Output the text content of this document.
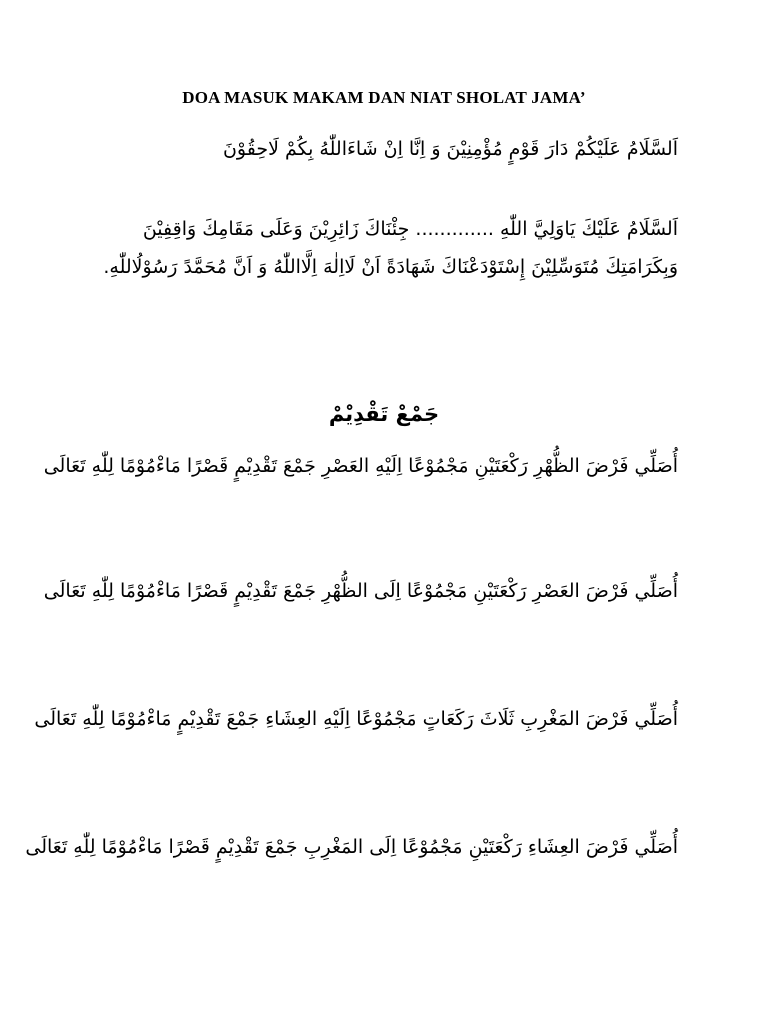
DOA MASUK MAKAM DAN NIAT SHOLAT JAMA’
اَلسَّلَامُ عَلَيْكُمْ دَارَ قَوْمٍ مُؤْمِنِيْنَ وَ اِنَّا اِنْ شَاءَاللّٰهُ بِكُمْ لَاحِقُوْنَ
اَلسَّلَامُ عَلَيْكَ يَاوَلِيَّ اللّٰهِ ............. جِئْنَاكَ زَائِرِيْنَ وَعَلَى مَقَامِكَ وَاقِفِيْنَ وَبِكَرَامَتِكَ مُتَوَسِّلِيْنَ إِسْتَوْدَعْنَاكَ شَهَادَةً اَنْ لَااِلٰهَ اِلَّااللّٰهُ وَ اَنَّ مُحَمَّدً رَسُوْلُاللّٰهِ.
جَمْعْ تَقْدِيْمْ
أُصَلِّي فَرْضَ الظُّهْرِ رَكْعَتَيْنِ مَجْمُوْعًا اِلَيْهِ العَصْرِ جَمْعَ تَقْدِيْمٍ قَصْرًا مَاءْمُوْمًا لِلّٰهِ تَعَالَى
أُصَلِّي فَرْضَ العَصْرِ رَكْعَتَيْنِ مَجْمُوْعًا اِلَى الظُّهْرِ جَمْعَ تَقْدِيْمٍ قَصْرًا مَاءْمُوْمًا لِلّٰهِ تَعَالَى
أُصَلِّي فَرْضَ المَغْرِبِ ثَلَاثَ رَكَعَاتٍ مَجْمُوْعًا اِلَيْهِ العِشَاءِ جَمْعَ تَقْدِيْمٍ مَاءْمُوْمًا لِلّٰهِ تَعَالَى
أُصَلِّي فَرْضَ العِشَاءِ رَكْعَتَيْنِ مَجْمُوْعًا اِلَى المَغْرِبِ جَمْعَ تَقْدِيْمٍ قَصْرًا مَاءْمُوْمًا لِلّٰهِ تَعَالَى
